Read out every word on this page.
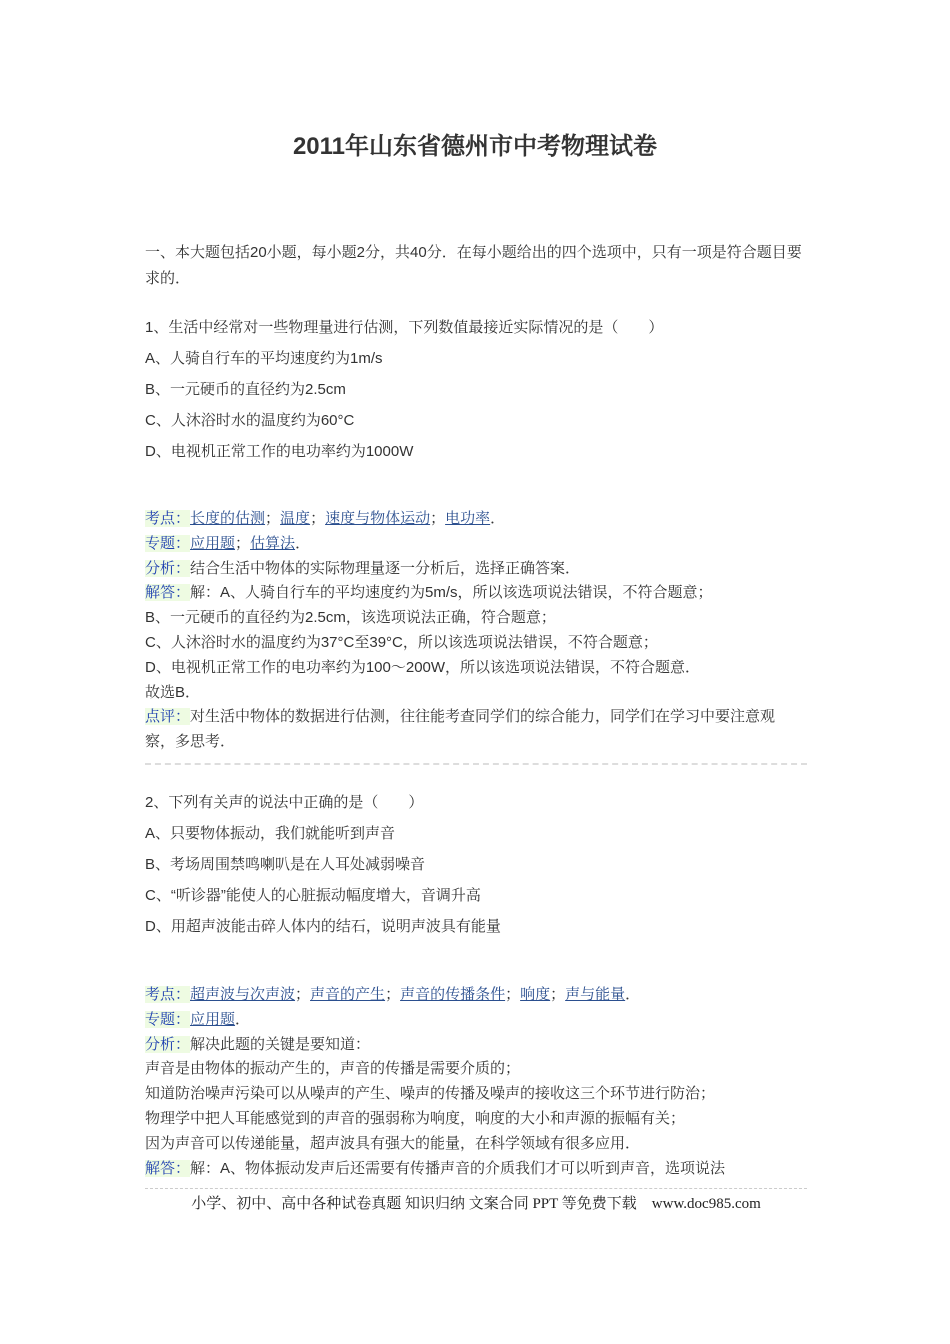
2011年山东省德州市中考物理试卷
一、本大题包括20小题，每小题2分，共40分．在每小题给出的四个选项中，只有一项是符合题目要求的．
1、生活中经常对一些物理量进行估测，下列数值最接近实际情况的是（　　）
A、人骑自行车的平均速度约为1m/s
B、一元硬币的直径约为2.5cm
C、人沐浴时水的温度约为60°C
D、电视机正常工作的电功率约为1000W
考点：长度的估测；温度；速度与物体运动；电功率．
专题：应用题；估算法．
分析：结合生活中物体的实际物理量逐一分析后，选择正确答案．
解答：解：A、人骑自行车的平均速度约为5m/s，所以该选项说法错误，不符合题意；
B、一元硬币的直径约为2.5cm，该选项说法正确，符合题意；
C、人沐浴时水的温度约为37°C至39°C，所以该选项说法错误，不符合题意；
D、电视机正常工作的电功率约为100～200W，所以该选项说法错误，不符合题意．
故选B．
点评：对生活中物体的数据进行估测，往往能考查同学们的综合能力，同学们在学习中要注意观察，多思考．
2、下列有关声的说法中正确的是（　　）
A、只要物体振动，我们就能听到声音
B、考场周围禁鸣喇叭是在人耳处减弱噪音
C、“听诊器”能使人的心脏振动幅度增大，音调升高
D、用超声波能击碎人体内的结石，说明声波具有能量
考点：超声波与次声波；声音的产生；声音的传播条件；响度；声与能量．
专题：应用题．
分析：解决此题的关键是要知道：
声音是由物体的振动产生的，声音的传播是需要介质的；
知道防治噪声污染可以从噪声的产生、噪声的传播及噪声的接收这三个环节进行防治；
物理学中把人耳能感觉到的声音的强弱称为响度，响度的大小和声源的振幅有关；
因为声音可以传递能量，超声波具有强大的能量，在科学领域有很多应用．
解答：解：A、物体振动发声后还需要有传播声音的介质我们才可以听到声音，选项说法
小学、初中、高中各种试卷真题 知识归纳 文案合同 PPT 等免费下载　www.doc985.com
